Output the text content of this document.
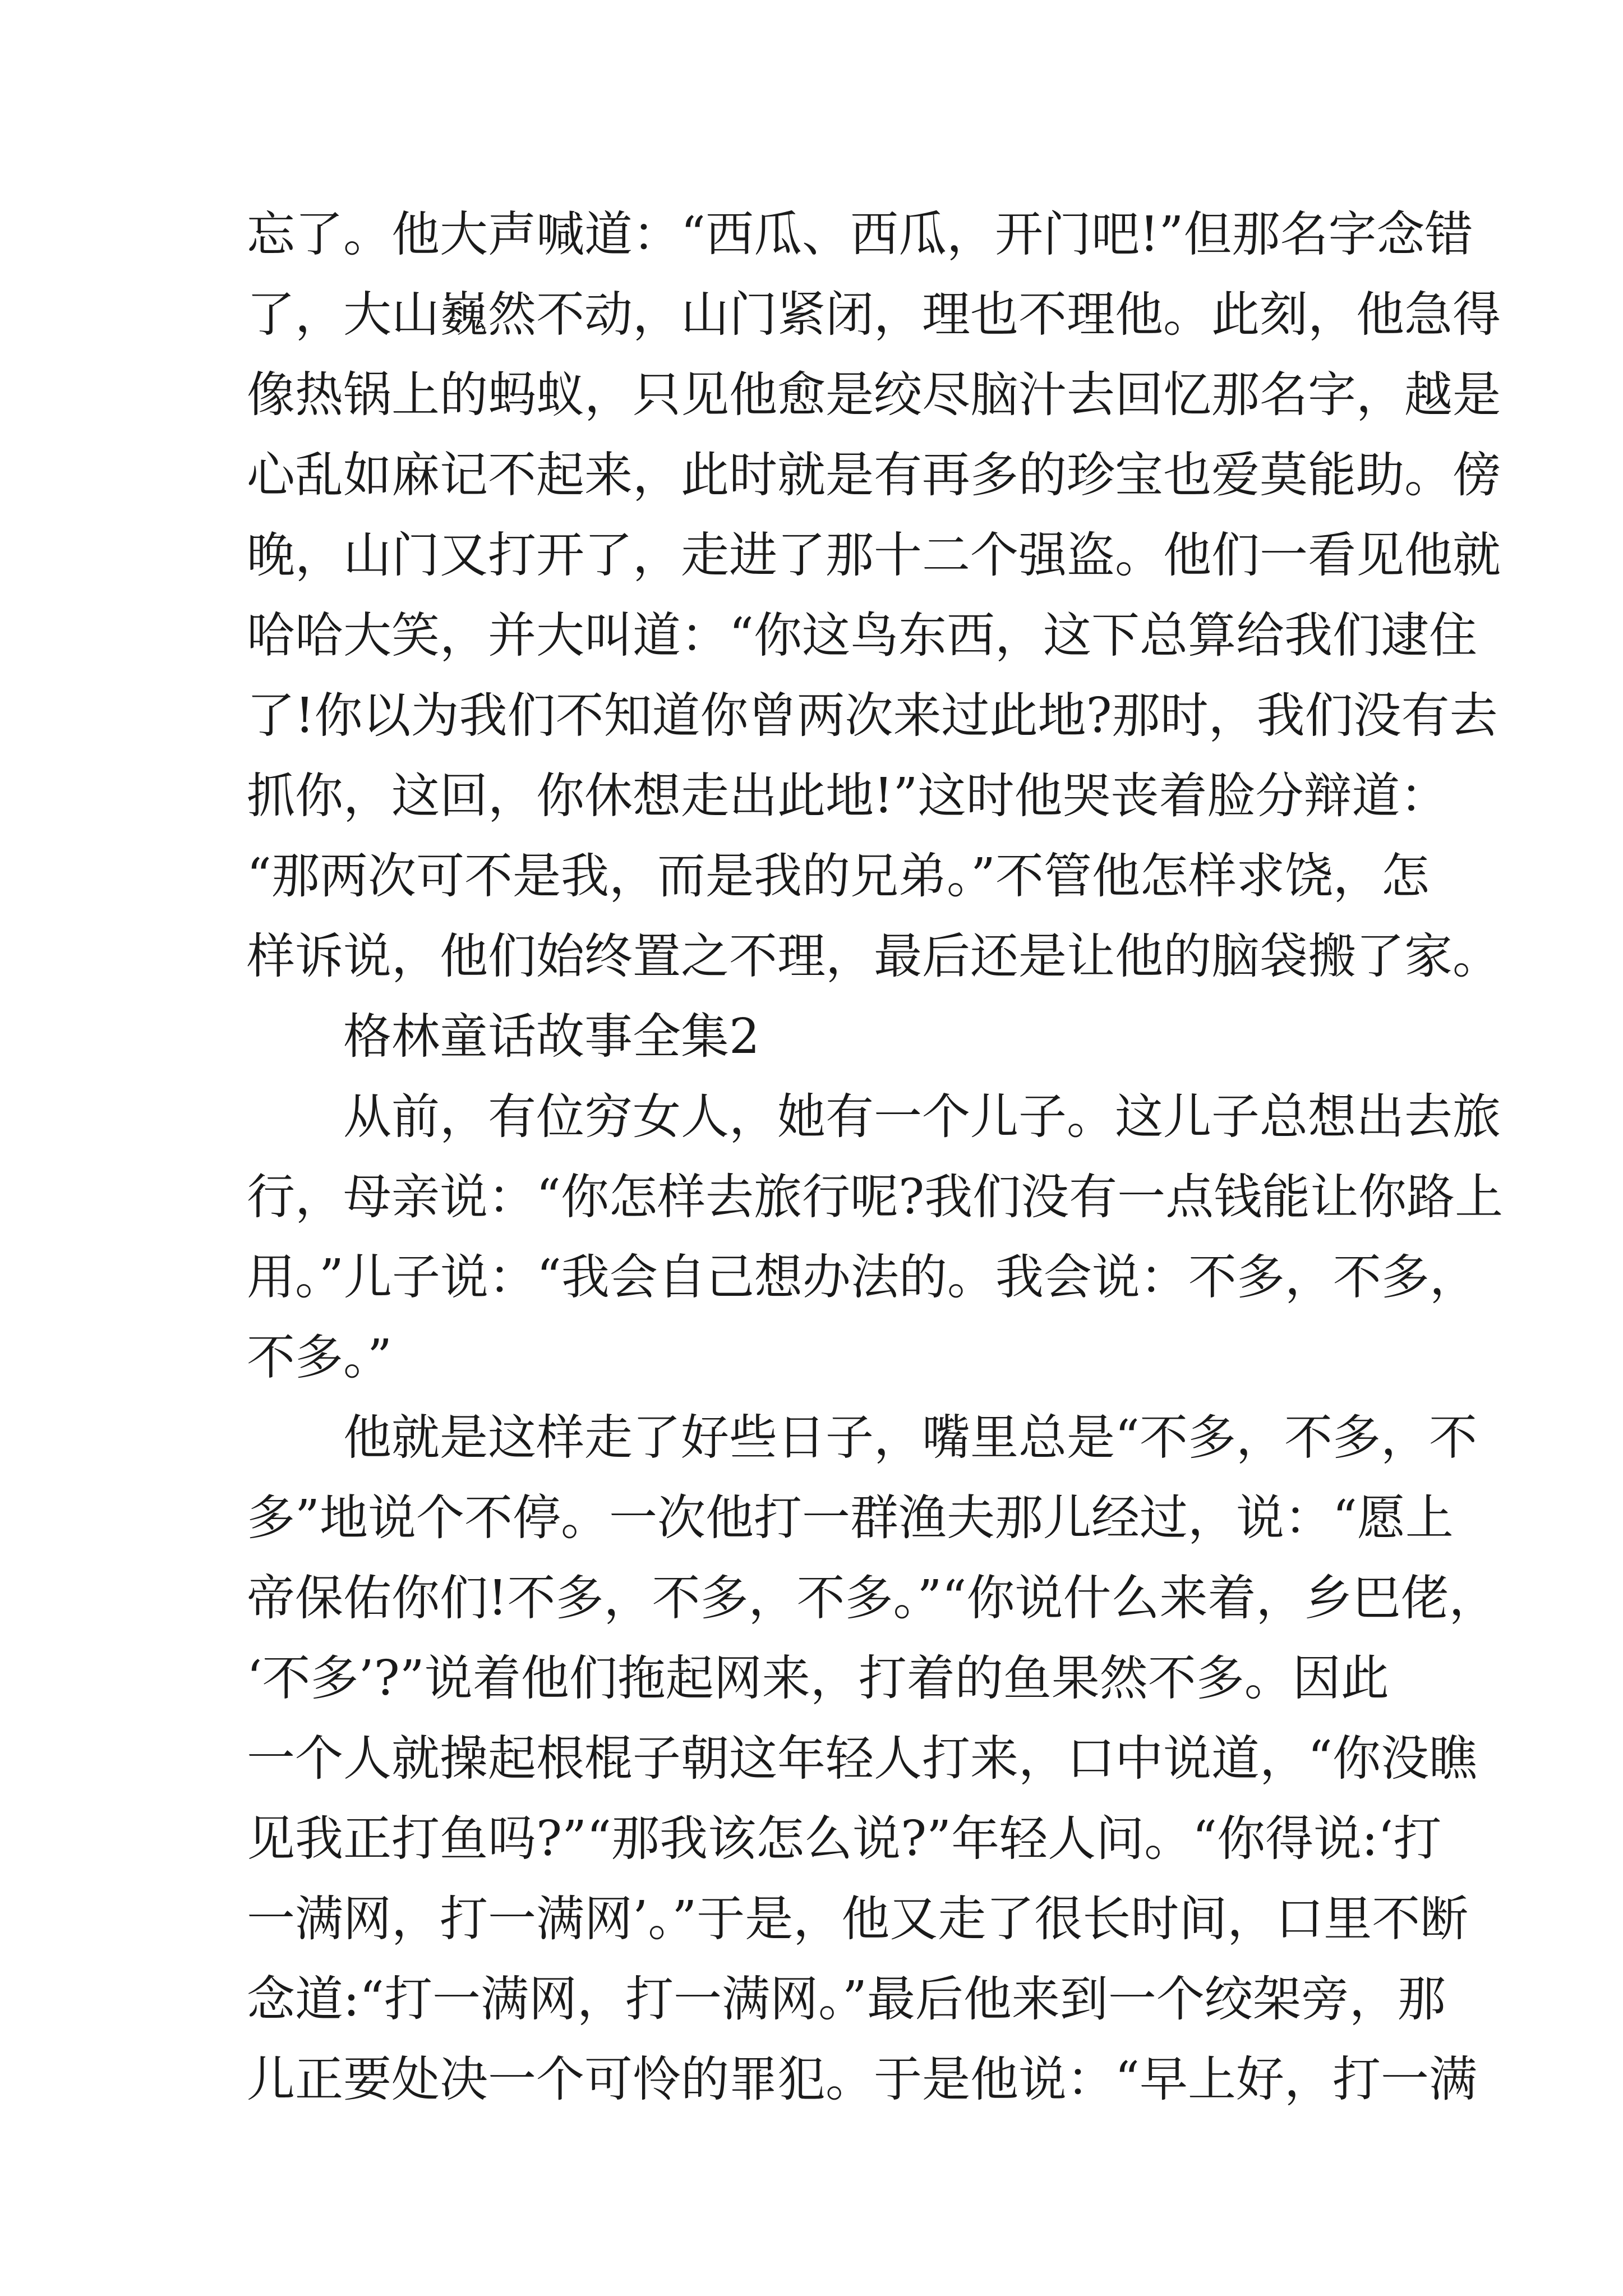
忘了。他大声喊道：“西瓜、西瓜，开门吧!”但那名字念错
了，大山巍然不动，山门紧闭，理也不理他。此刻，他急得
像热锅上的蚂蚁，只见他愈是绞尽脑汁去回忆那名字，越是
心乱如麻记不起来，此时就是有再多的珍宝也爱莫能助。傍
晚，山门又打开了，走进了那十二个强盗。他们一看见他就
哈哈大笑，并大叫道：“你这鸟东西，这下总算给我们逮住
了!你以为我们不知道你曾两次来过此地?那时，我们没有去
抓你，这回，你休想走出此地!”这时他哭丧着脸分辩道：
“那两次可不是我，而是我的兄弟。”不管他怎样求饶，怎
样诉说，他们始终置之不理，最后还是让他的脑袋搬了家。
格林童话故事全集2
从前，有位穷女人，她有一个儿子。这儿子总想出去旅
行，母亲说：“你怎样去旅行呢?我们没有一点钱能让你路上
用。”儿子说：“我会自己想办法的。我会说：不多，不多，
不多。”
他就是这样走了好些日子，嘴里总是“不多，不多，不
多”地说个不停。一次他打一群渔夫那儿经过，说：“愿上
帝保佑你们!不多，不多，不多。”“你说什么来着，乡巴佬，
‘不多’?”说着他们拖起网来，打着的鱼果然不多。因此
一个人就操起根棍子朝这年轻人打来，口中说道，“你没瞧
见我正打鱼吗?”“那我该怎么说?”年轻人问。“你得说:‘打
一满网，打一满网’。”于是，他又走了很长时间，口里不断
念道:“打一满网，打一满网。”最后他来到一个绞架旁，那
儿正要处决一个可怜的罪犯。于是他说：“早上好，打一满
